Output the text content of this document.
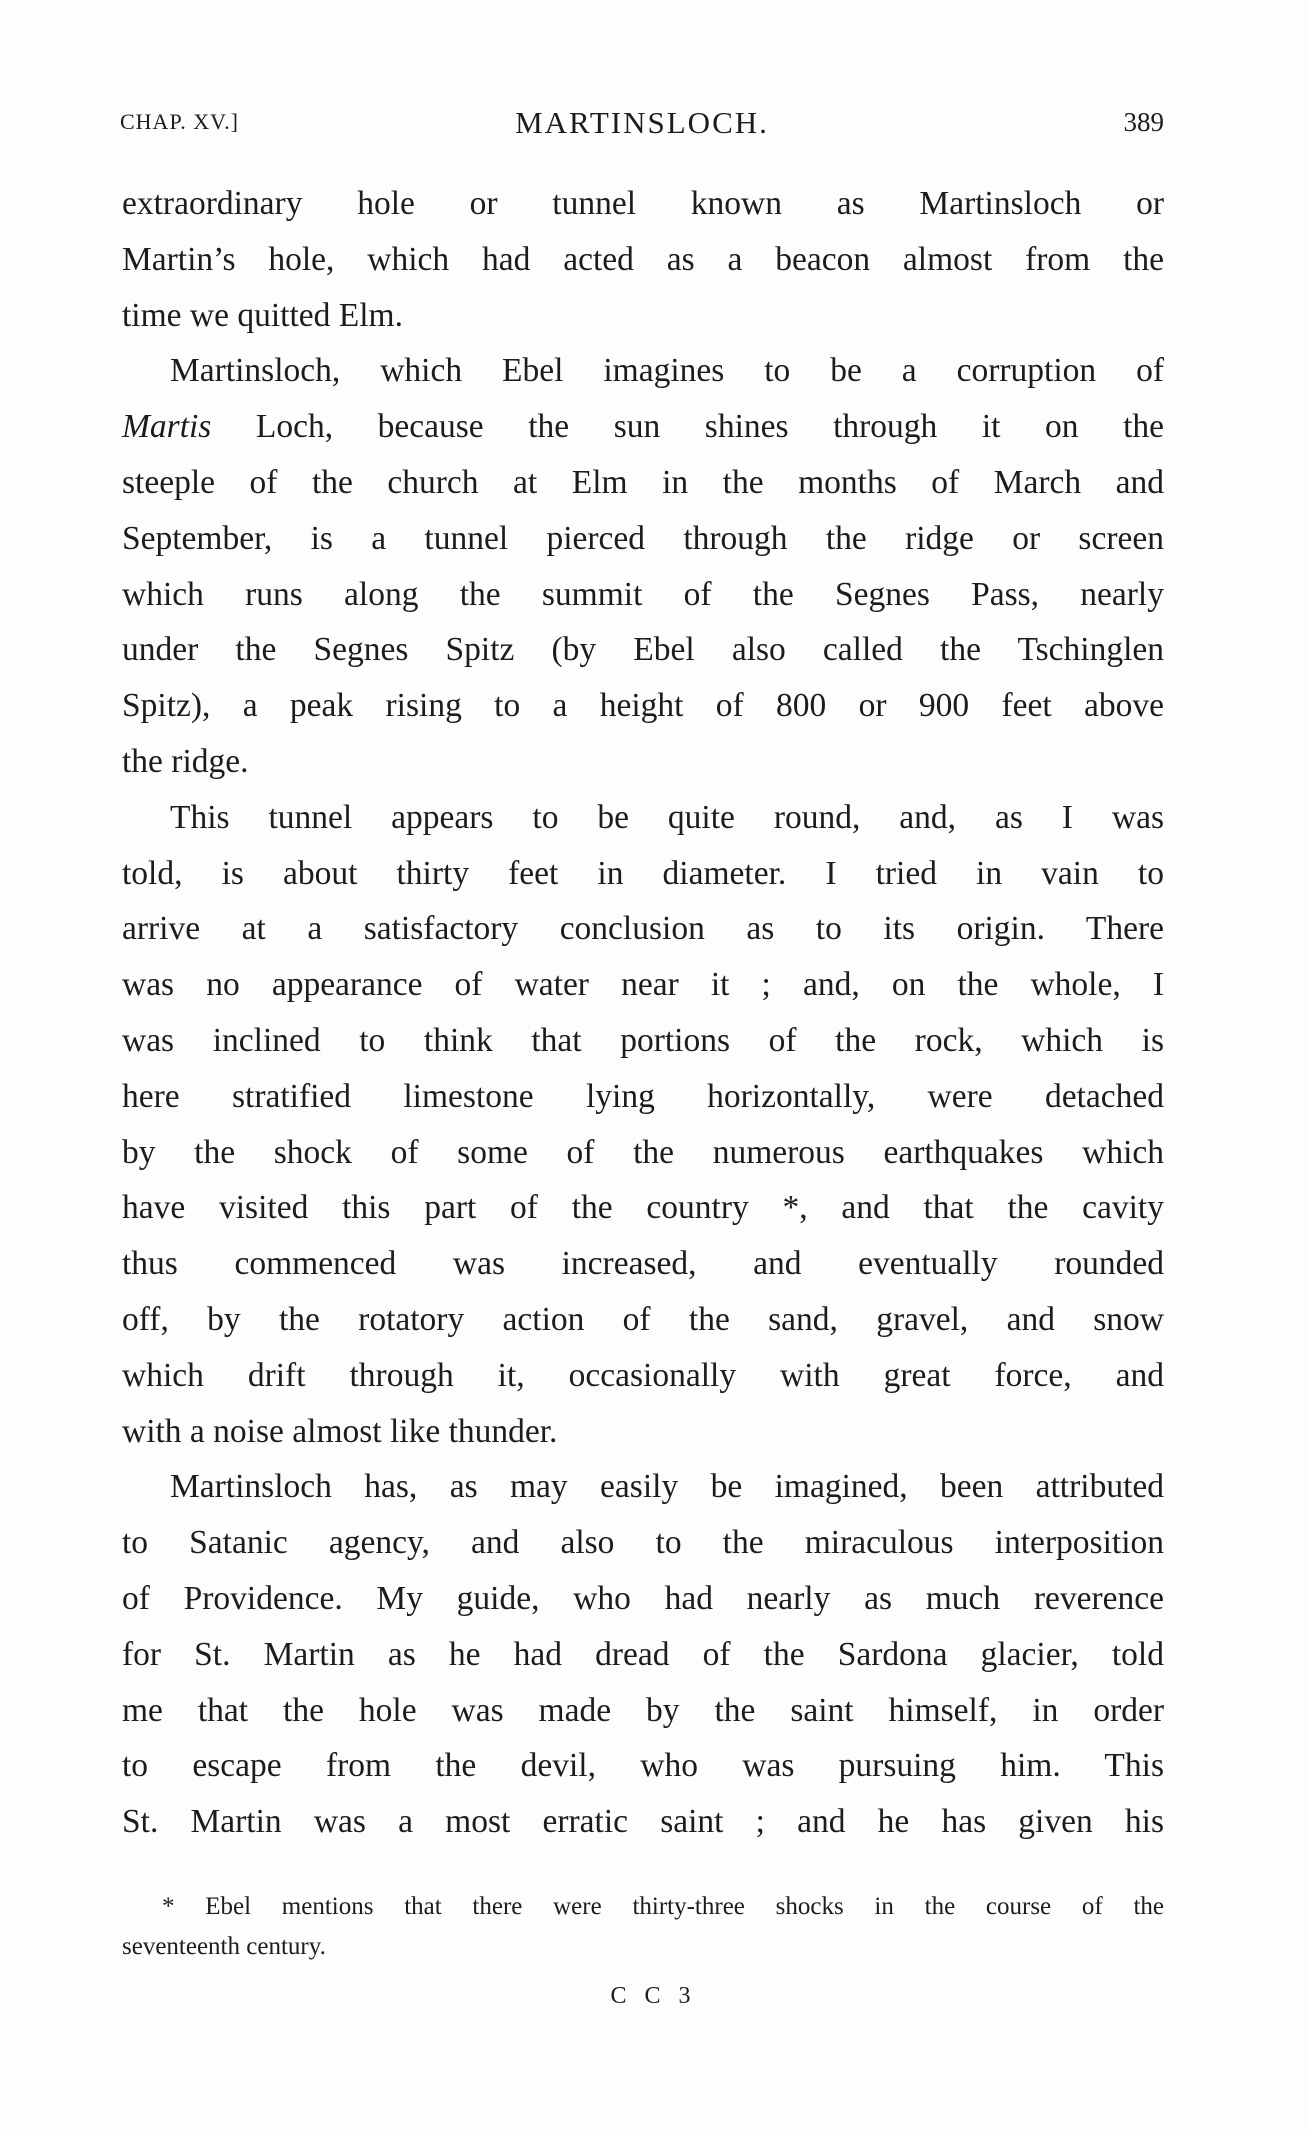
CHAP. XV.]	MARTINSLOCH.	389
extraordinary hole or tunnel known as Martinsloch or
Martin’s hole, which had acted as a beacon almost from the
time we quitted Elm.
Martinsloch, which Ebel imagines to be a corruption of
Martis Loch, because the sun shines through it on the
steeple of the church at Elm in the months of March and
September, is a tunnel pierced through the ridge or screen
which runs along the summit of the Segnes Pass, nearly
under the Segnes Spitz (by Ebel also called the Tschinglen
Spitz), a peak rising to a height of 800 or 900 feet above
the ridge.
This tunnel appears to be quite round, and, as I was
told, is about thirty feet in diameter. I tried in vain to
arrive at a satisfactory conclusion as to its origin. There
was no appearance of water near it ; and, on the whole, I
was inclined to think that portions of the rock, which is
here stratified limestone lying horizontally, were detached
by the shock of some of the numerous earthquakes which
have visited this part of the country *, and that the cavity
thus commenced was increased, and eventually rounded
off, by the rotatory action of the sand, gravel, and snow
which drift through it, occasionally with great force, and
with a noise almost like thunder.
Martinsloch has, as may easily be imagined, been attributed
to Satanic agency, and also to the miraculous interposition
of Providence. My guide, who had nearly as much reverence
for St. Martin as he had dread of the Sardona glacier, told
me that the hole was made by the saint himself, in order
to escape from the devil, who was pursuing him. This
St. Martin was a most erratic saint ; and he has given his
* Ebel mentions that there were thirty-three shocks in the course of the
seventeenth century.
C C 3
